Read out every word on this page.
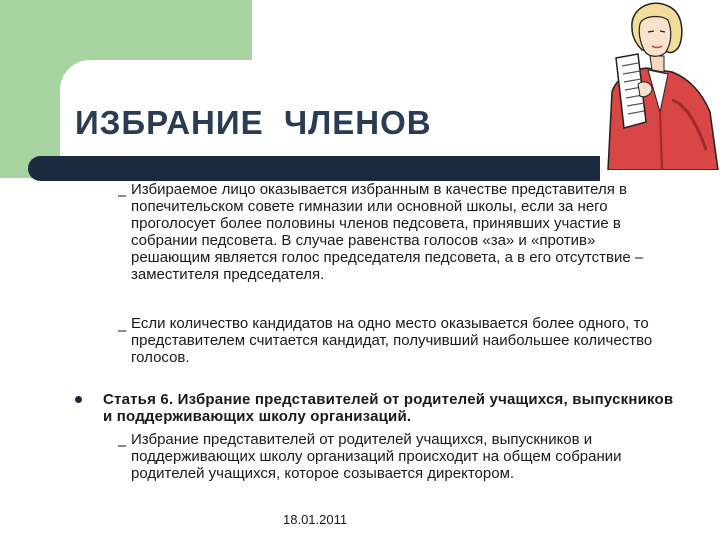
ИЗБРАНИЕ  ЧЛЕНОВ
– Избираемое лицо оказывается избранным в качестве представителя в попечительском совете гимназии или основной школы, если за него проголосует более половины членов педсовета, принявших участие в собрании педсовета. В случае равенства голосов «за» и «против» решающим является голос председателя педсовета, а в его отсутствие – заместителя председателя.
– Если количество кандидатов на одно место оказывается более одного, то представителем считается кандидат, получивший наибольшее количество голосов.
Статья 6. Избрание представителей от родителей учащихся, выпускников и поддерживающих школу организаций.
– Избрание представителей от родителей учащихся, выпускников и поддерживающих школу организаций происходит на общем собрании родителей учащихся, которое созывается директором.
18.01.2011
